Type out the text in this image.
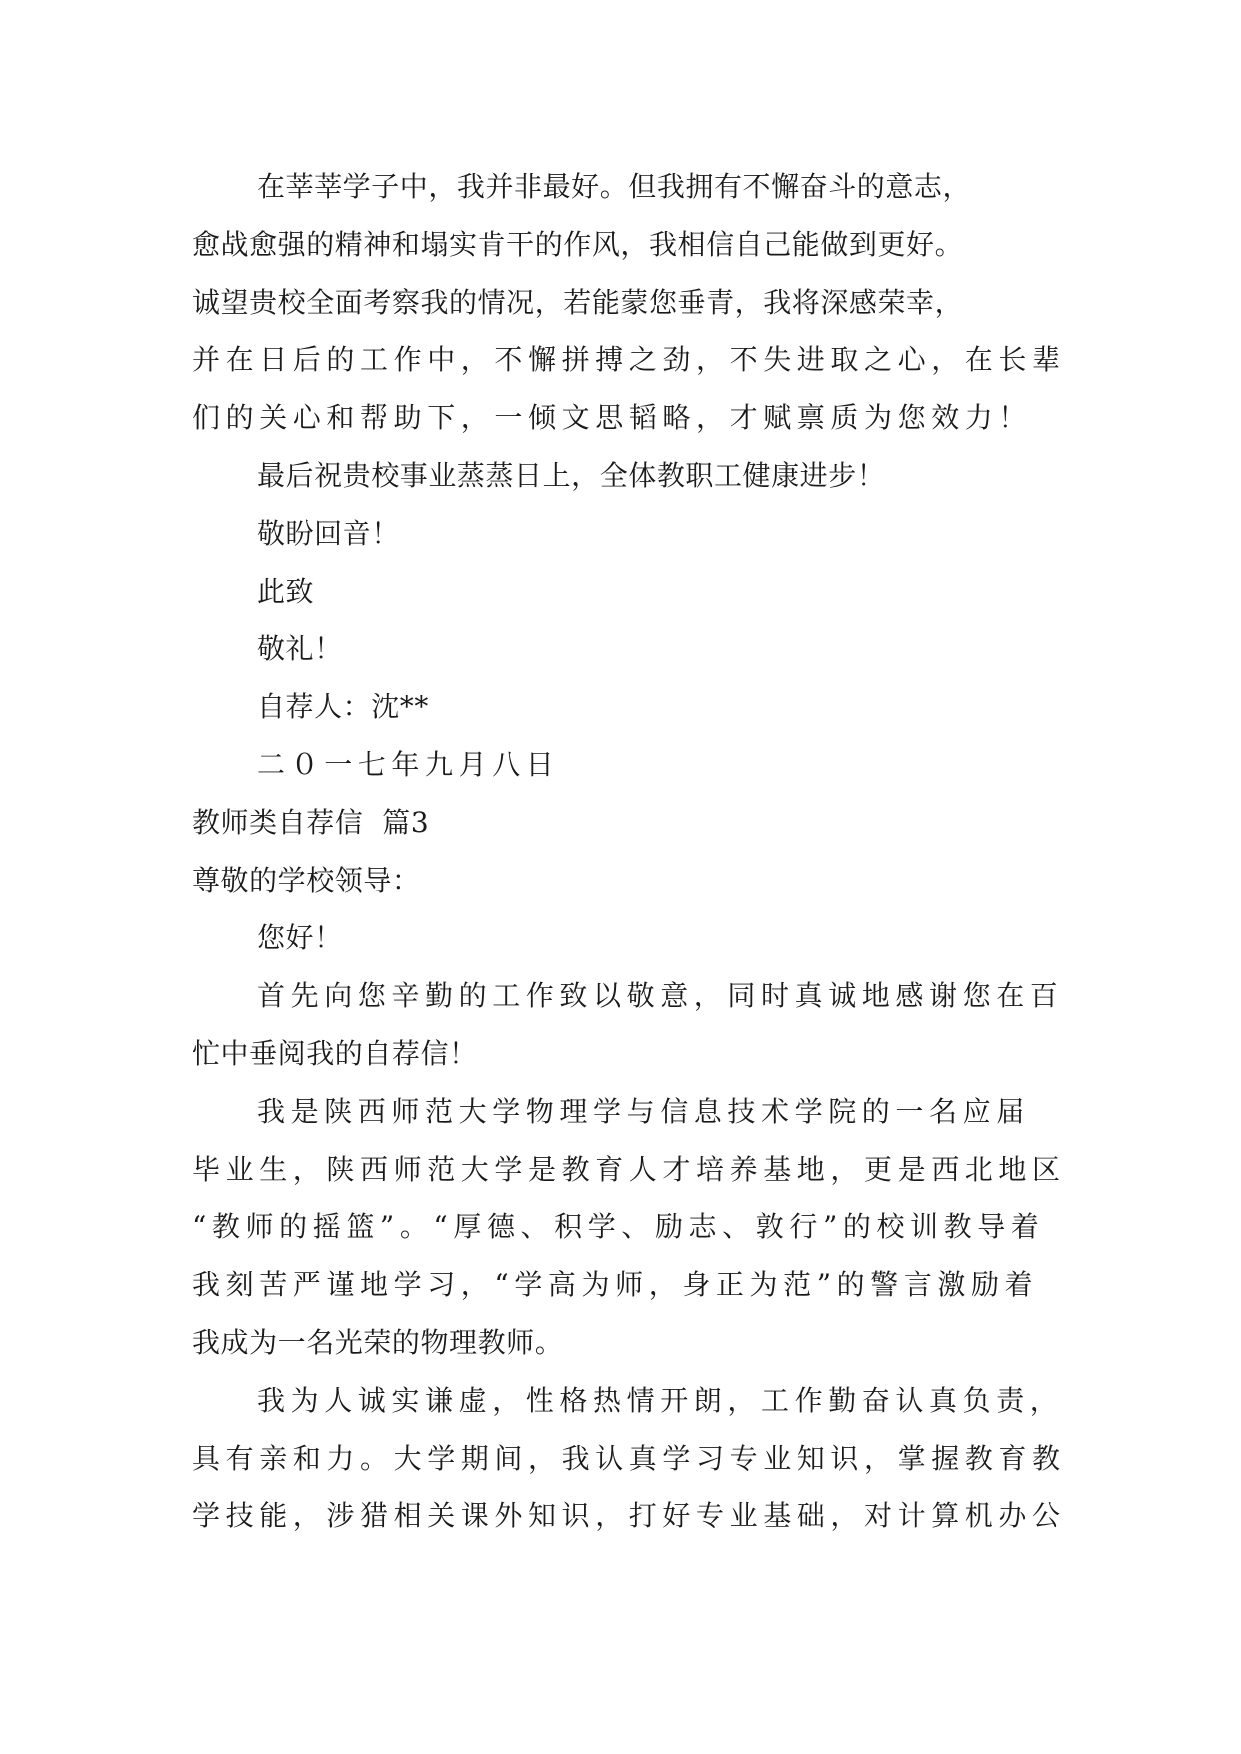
在莘莘学子中，我并非最好。但我拥有不懈奋斗的意志，
愈战愈强的精神和塌实肯干的作风，我相信自己能做到更好。
诚望贵校全面考察我的情况，若能蒙您垂青，我将深感荣幸，
并在日后的工作中，不懈拼搏之劲，不失进取之心，在长辈
们的关心和帮助下，一倾文思韬略，才赋禀质为您效力！
最后祝贵校事业蒸蒸日上，全体教职工健康进步！
敬盼回音！
此致
敬礼！
自荐人：沈**
二０一七年九月八日
教师类自荐信  篇3
尊敬的学校领导：
您好！
首先向您辛勤的工作致以敬意，同时真诚地感谢您在百
忙中垂阅我的自荐信！
我是陕西师范大学物理学与信息技术学院的一名应届
毕业生，陕西师范大学是教育人才培养基地，更是西北地区
“教师的摇篮”。“厚德、积学、励志、敦行”的校训教导着
我刻苦严谨地学习，“学高为师，身正为范”的警言激励着
我成为一名光荣的物理教师。
我为人诚实谦虚，性格热情开朗，工作勤奋认真负责，
具有亲和力。大学期间，我认真学习专业知识，掌握教育教
学技能，涉猎相关课外知识，打好专业基础，对计算机办公
